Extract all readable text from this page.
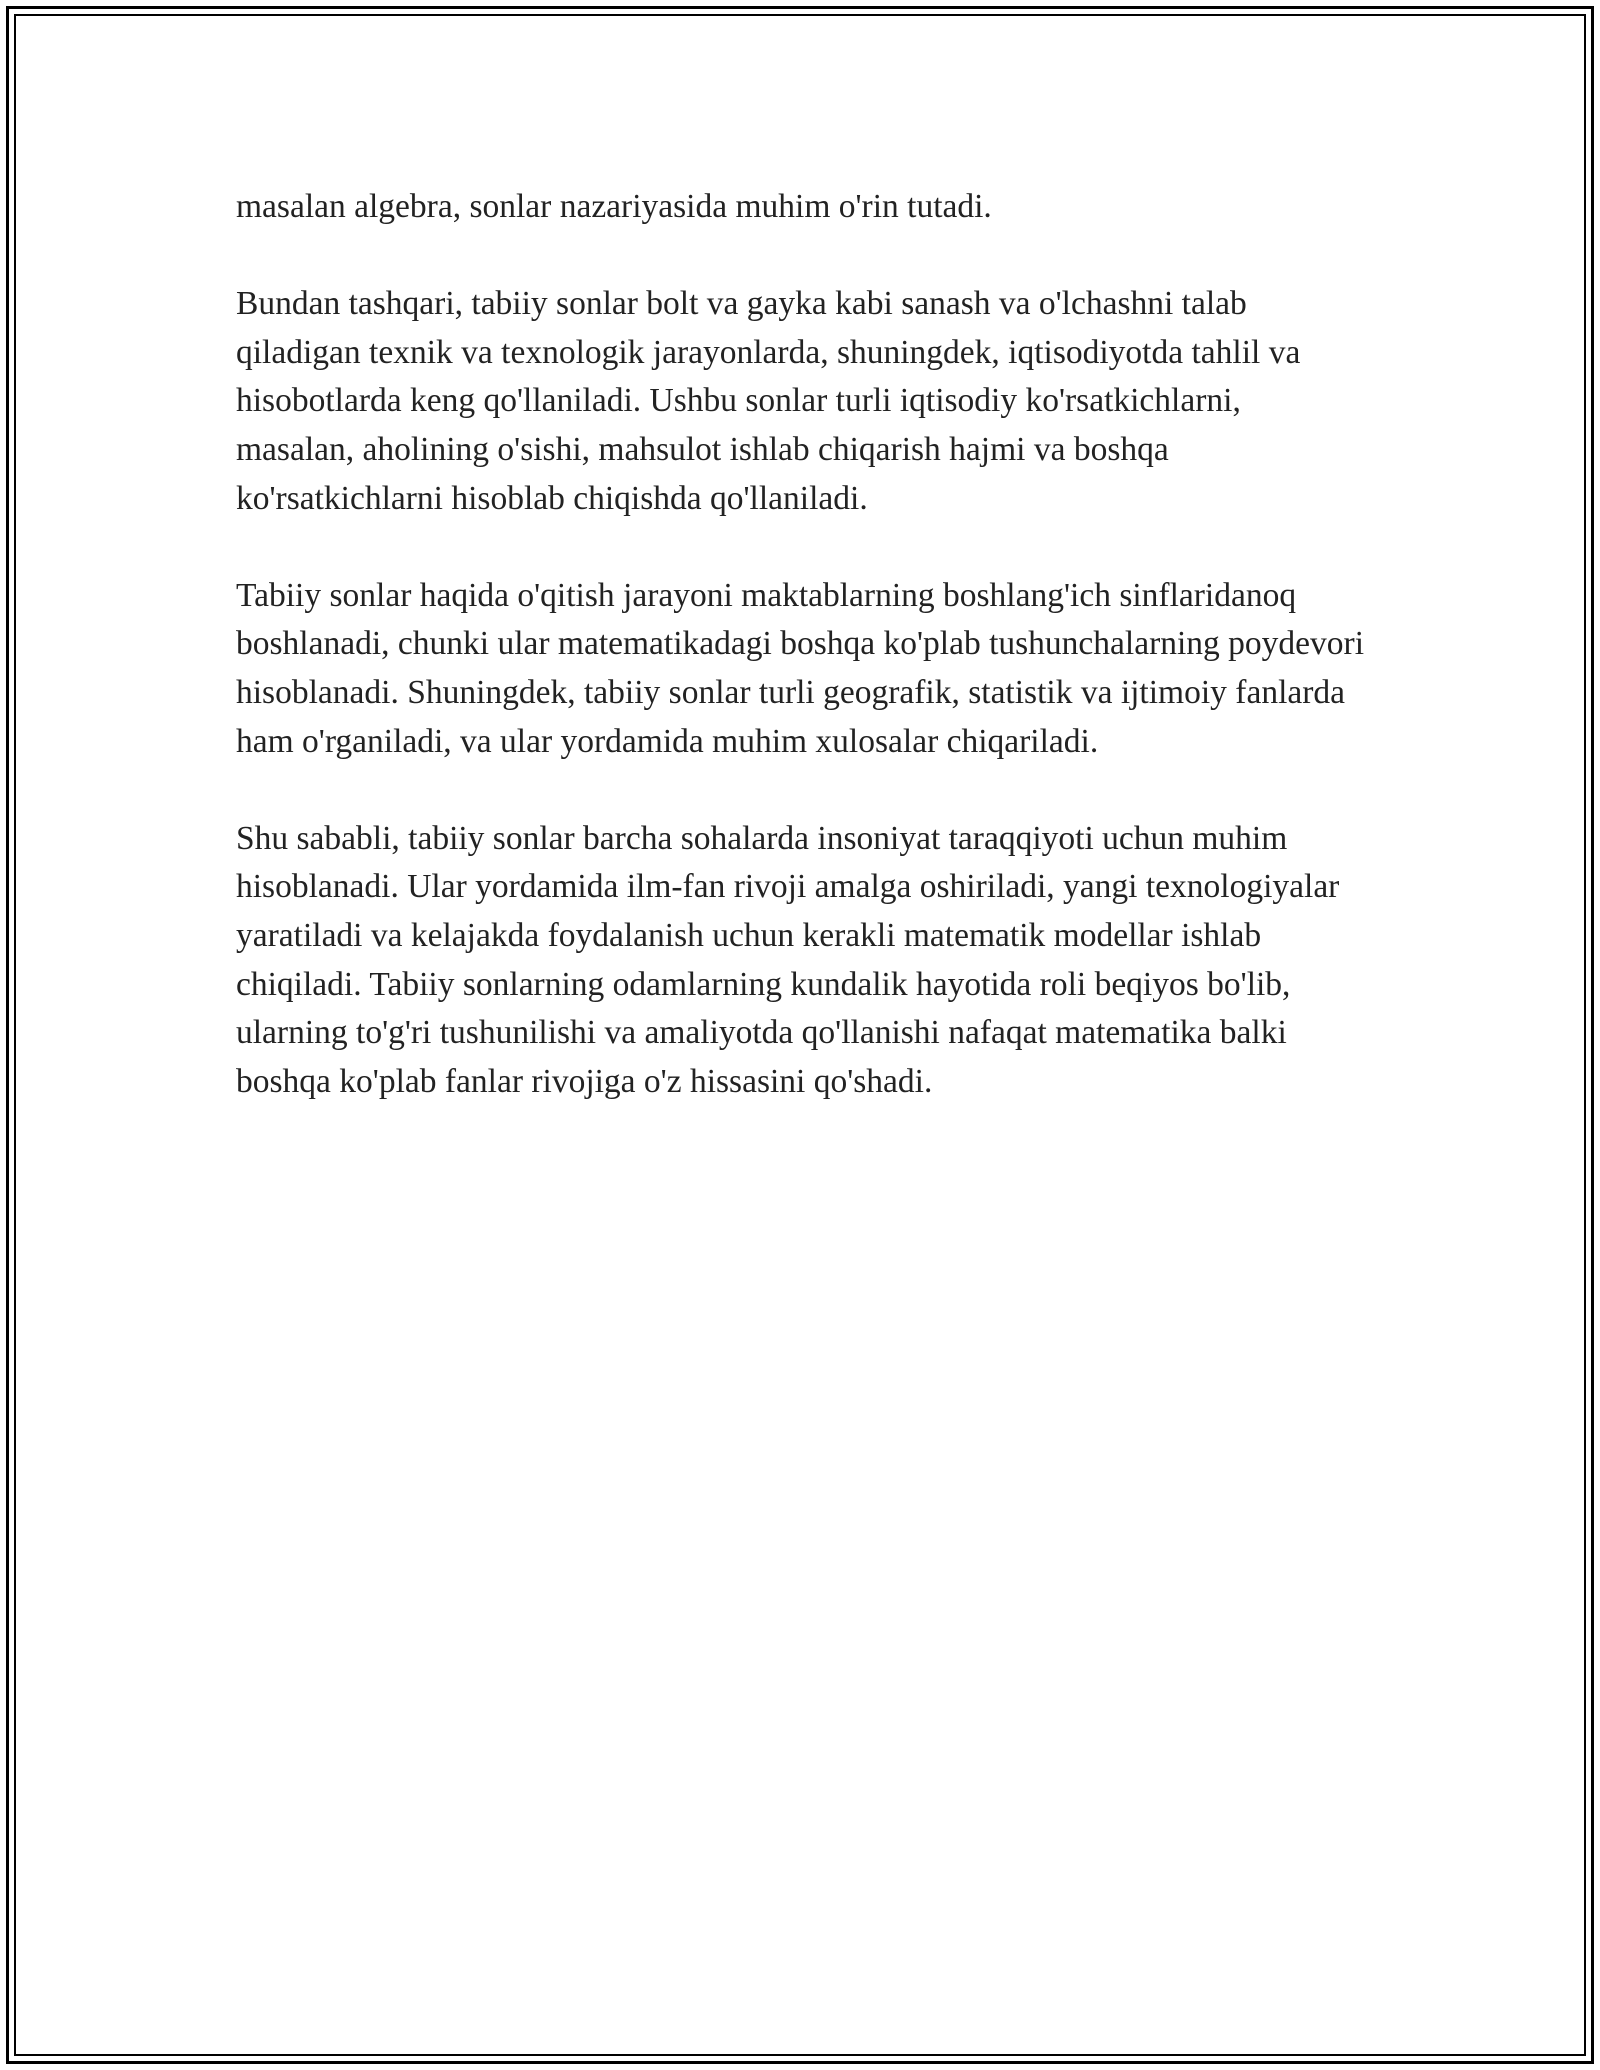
masalan algebra, sonlar nazariyasida muhim o'rin tutadi.

Bundan tashqari, tabiiy sonlar bolt va gayka kabi sanash va o'lchashni talab qiladigan texnik va texnologik jarayonlarda, shuningdek, iqtisodiyotda tahlil va hisobotlarda keng qo'llaniladi. Ushbu sonlar turli iqtisodiy ko'rsatkichlarni, masalan, aholining o'sishi, mahsulot ishlab chiqarish hajmi va boshqa ko'rsatkichlarni hisoblab chiqishda qo'llaniladi.

Tabiiy sonlar haqida o'qitish jarayoni maktablarning boshlang'ich sinflaridanoq boshlanadi, chunki ular matematikadagi boshqa ko'plab tushunchalarning poydevori hisoblanadi. Shuningdek, tabiiy sonlar turli geografik, statistik va ijtimoiy fanlarda ham o'rganiladi, va ular yordamida muhim xulosalar chiqariladi.

Shu sababli, tabiiy sonlar barcha sohalarda insoniyat taraqqiyoti uchun muhim hisoblanadi. Ular yordamida ilm-fan rivoji amalga oshiriladi, yangi texnologiyalar yaratiladi va kelajakda foydalanish uchun kerakli matematik modellar ishlab chiqiladi. Tabiiy sonlarning odamlarning kundalik hayotida roli beqiyos bo'lib, ularning to'g'ri tushunilishi va amaliyotda qo'llanishi nafaqat matematika balki boshqa ko'plab fanlar rivojiga o'z hissasini qo'shadi.
